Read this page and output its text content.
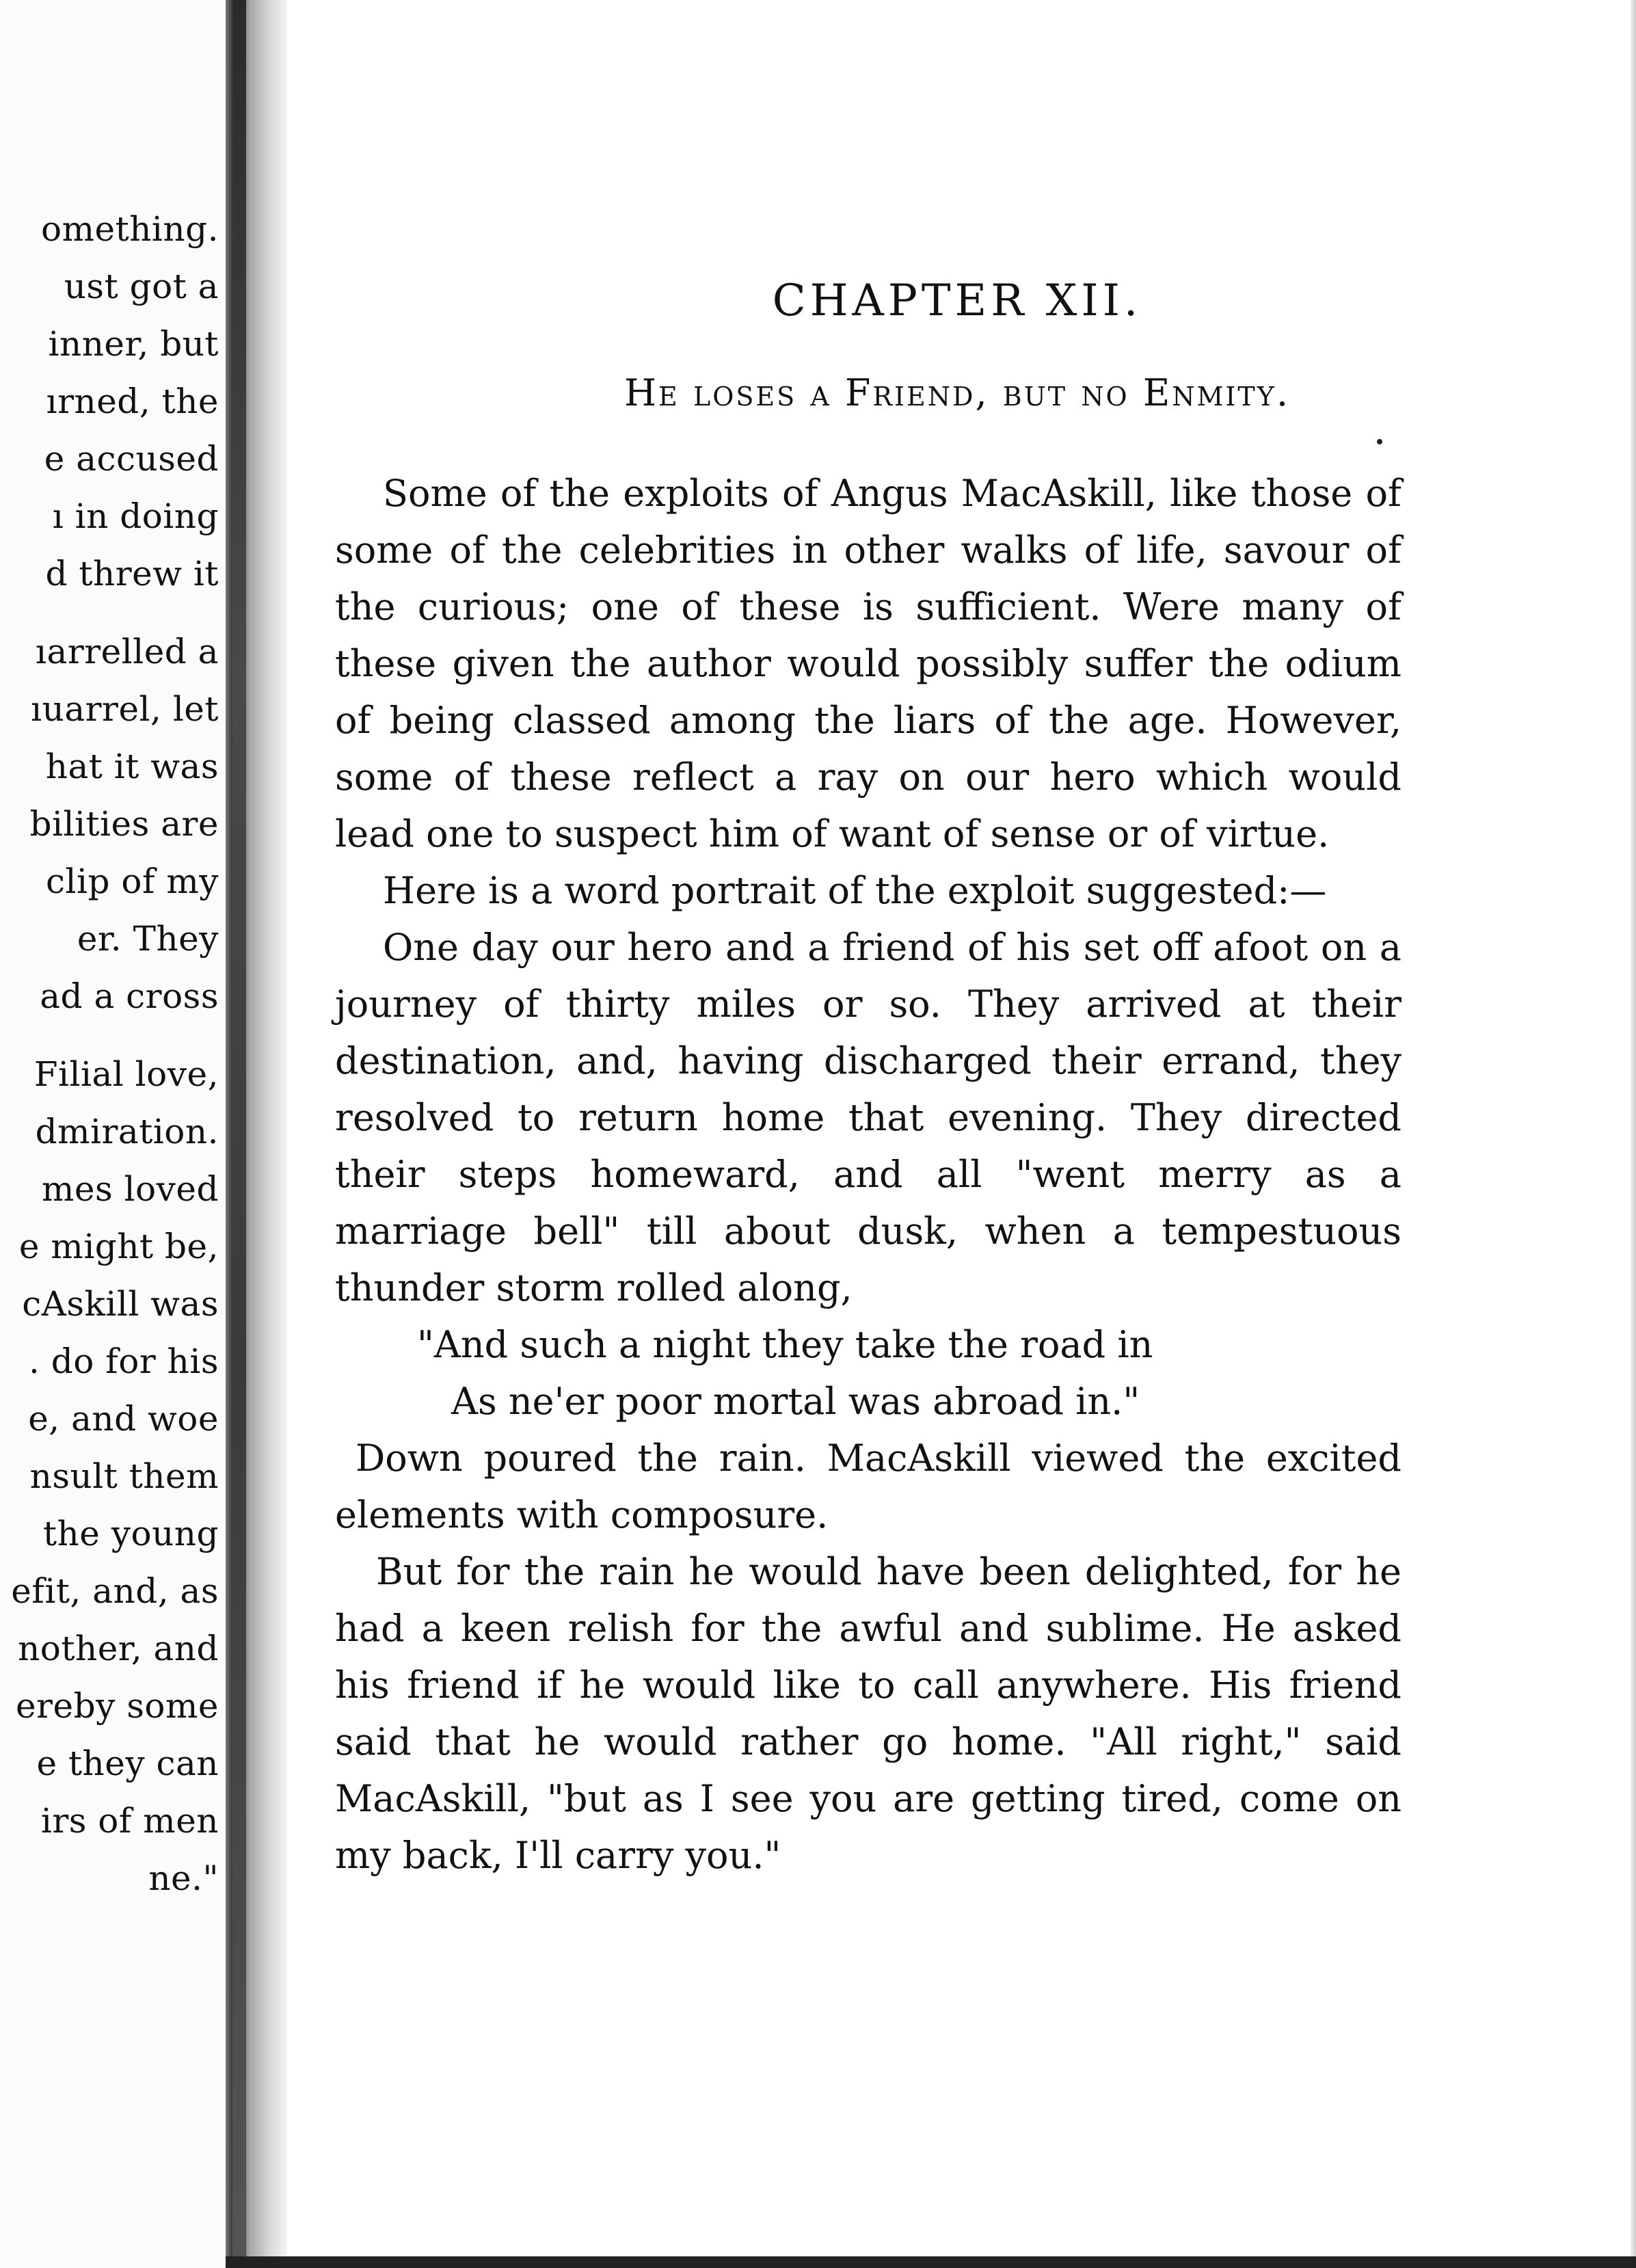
omething.
ust got a
inner, but
ırned, the
e accused
ı in doing
d threw it
ıarrelled a
ıuarrel, let
hat it was
bilities are
clip of my
er. They
ad a cross
Filial love,
dmiration.
mes loved
e might be,
cAskill was
. do for his
e, and woe
nsult them
the young
efit, and, as
nother, and
ereby some
e they can
irs of men
ne."
CHAPTER XII.
He loses a Friend, but no Enmity.

Some of the exploits of Angus MacAskill, like those of some of the celebrities in other walks of life, savour of the curious; one of these is sufficient. Were many of these given the author would possibly suffer the odium of being classed among the liars of the age. However, some of these reflect a ray on our hero which would lead one to suspect him of want of sense or of virtue.

Here is a word portrait of the exploit suggested:—

One day our hero and a friend of his set off afoot on a journey of thirty miles or so. They arrived at their destination, and, having discharged their errand, they resolved to return home that evening. They directed their steps homeward, and all "went merry as a marriage bell" till about dusk, when a tempestuous thunder storm rolled along,

"And such a night they take the road in
As ne'er poor mortal was abroad in."

Down poured the rain. MacAskill viewed the excited elements with composure.

But for the rain he would have been delighted, for he had a keen relish for the awful and sublime. He asked his friend if he would like to call anywhere. His friend said that he would rather go home. "All right," said MacAskill, "but as I see you are getting tired, come on my back, I'll carry you."
